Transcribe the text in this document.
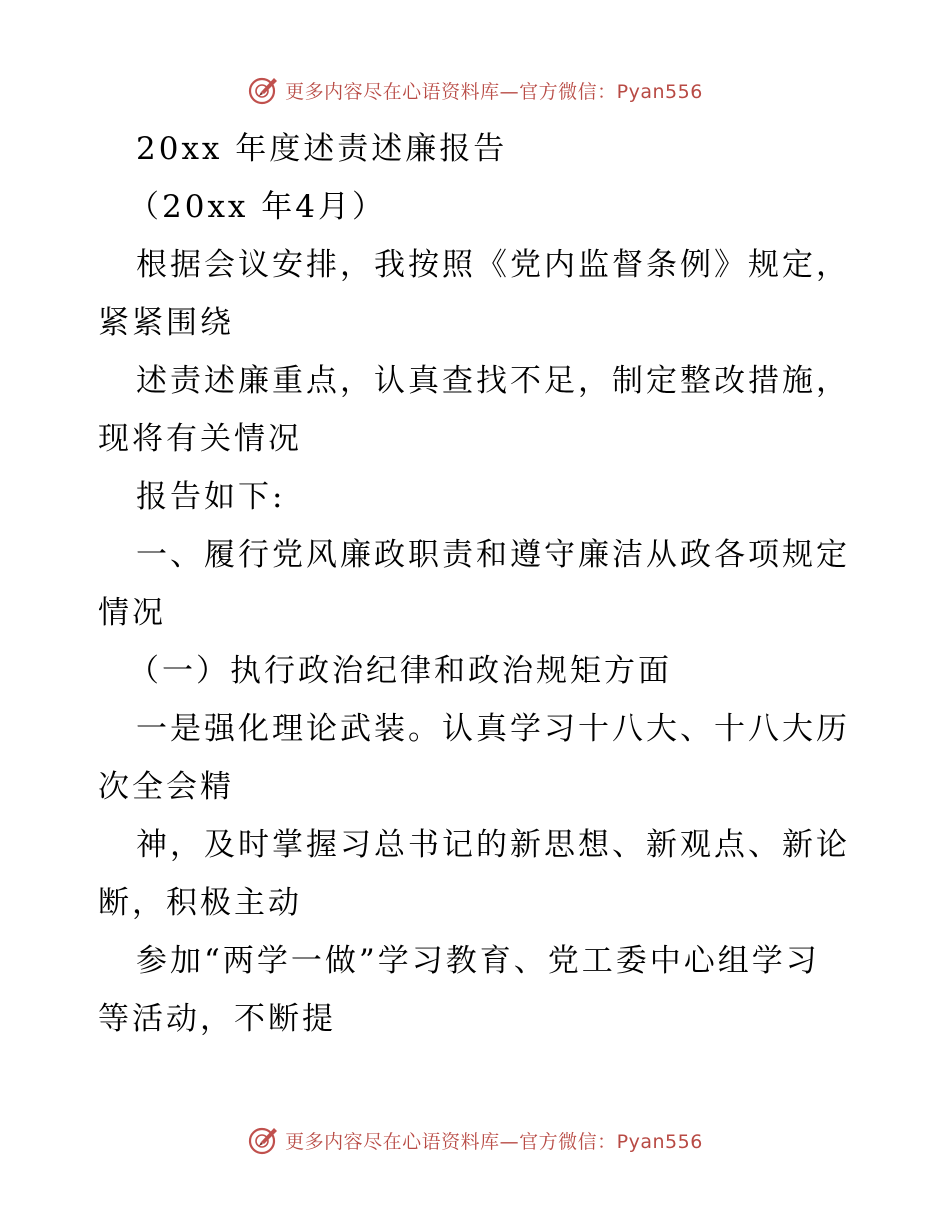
更多内容尽在心语资料库—官方微信：Pyan556
20xx 年度述责述廉报告
（20xx 年4月）
根据会议安排，我按照《党内监督条例》规定，
紧紧围绕
述责述廉重点，认真查找不足，制定整改措施，
现将有关情况
报告如下:
一、履行党风廉政职责和遵守廉洁从政各项规定
情况
（一）执行政治纪律和政治规矩方面
一是强化理论武装。认真学习十八大、十八大历
次全会精
神，及时掌握习总书记的新思想、新观点、新论
断，积极主动
参加“两学一做”学习教育、党工委中心组学习
等活动，不断提
更多内容尽在心语资料库—官方微信：Pyan556
